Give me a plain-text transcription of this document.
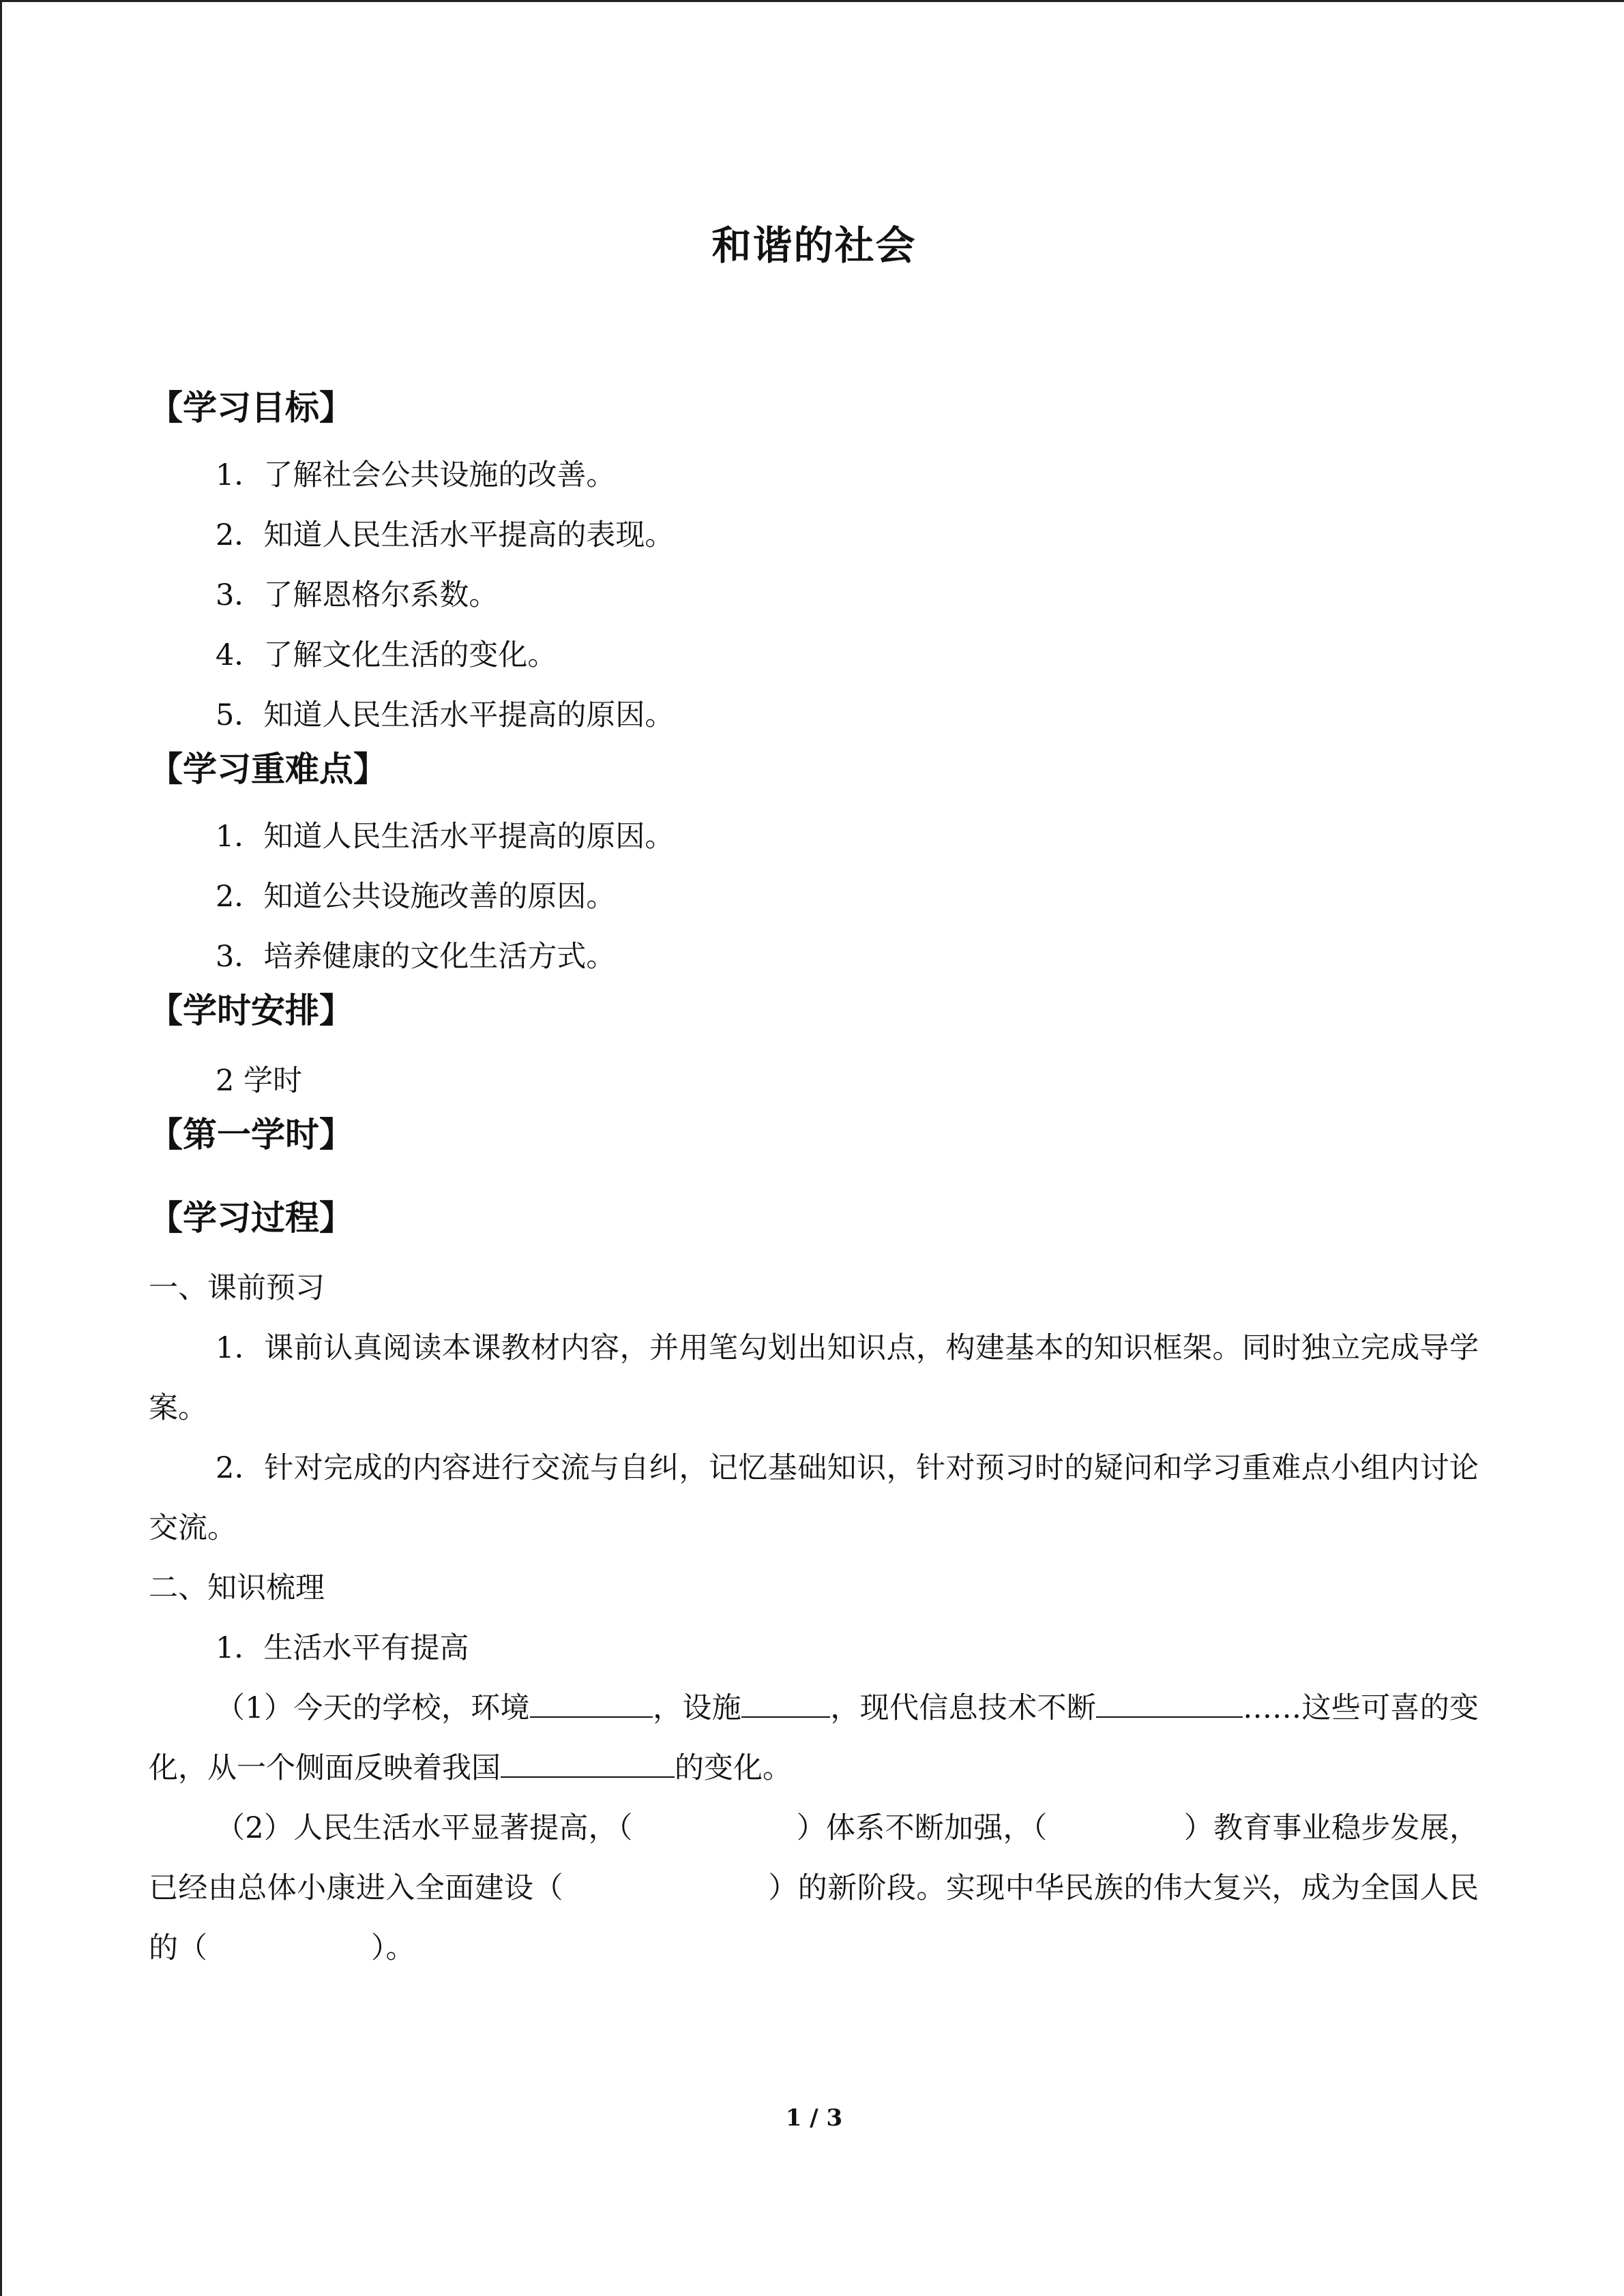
和谐的社会
【学习目标】
1．了解社会公共设施的改善。
2．知道人民生活水平提高的表现。
3．了解恩格尔系数。
4．了解文化生活的变化。
5．知道人民生活水平提高的原因。
【学习重难点】
1．知道人民生活水平提高的原因。
2．知道公共设施改善的原因。
3．培养健康的文化生活方式。
【学时安排】

2 学时

【第一学时】
【学习过程】

一、课前预习

1．课前认真阅读本课教材内容，并用笔勾划出知识点，构建基本的知识框架。同时独立完成导学案。

2．针对完成的内容进行交流与自纠，记忆基础知识，针对预习时的疑问和学习重难点小组内讨论交流。

二、知识梳理

1．生活水平有提高

（1）今天的学校，环境	，设施	，现代信息技术不断	……这些可喜的变化，从一个侧面反映着我国	的变化。

（2）人民生活水平显著提高，（	）体系不断加强，（	）教育事业稳步发展，已经由总体小康进入全面建设（	）的新阶段。实现中华民族的伟大复兴，成为全国人民的（	）。

1 / 3
